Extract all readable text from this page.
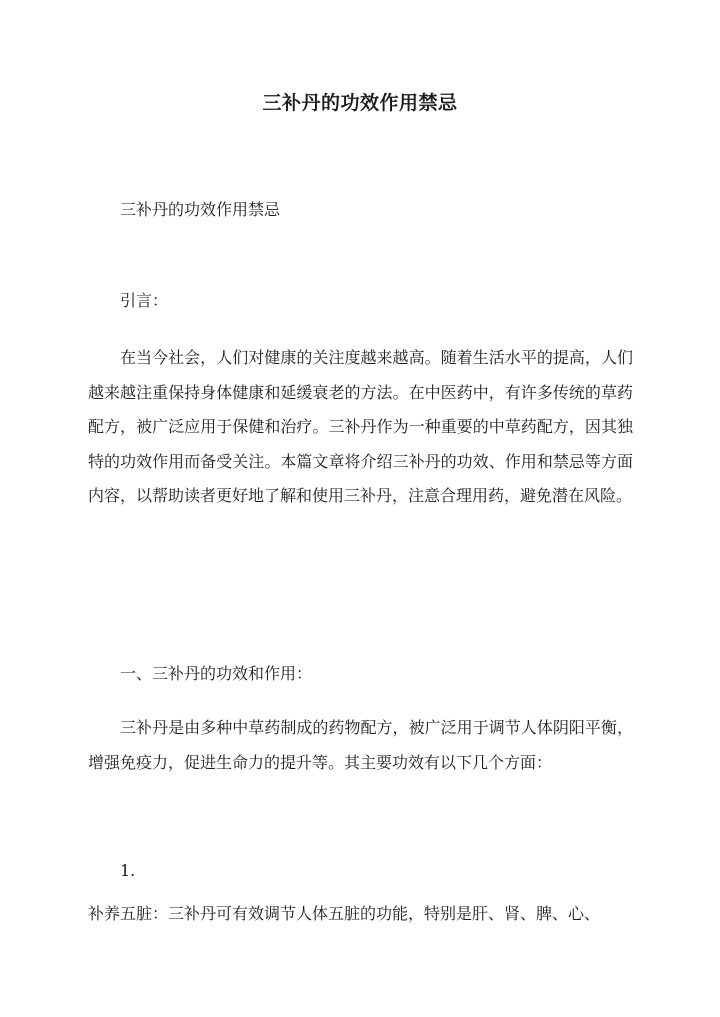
三补丹的功效作用禁忌
三补丹的功效作用禁忌
引言：
在当今社会，人们对健康的关注度越来越高。随着生活水平的提高，人们越来越注重保持身体健康和延缓衰老的方法。在中医药中，有许多传统的草药配方，被广泛应用于保健和治疗。三补丹作为一种重要的中草药配方，因其独特的功效作用而备受关注。本篇文章将介绍三补丹的功效、作用和禁忌等方面内容，以帮助读者更好地了解和使用三补丹，注意合理用药，避免潜在风险。
一、三补丹的功效和作用：
三补丹是由多种中草药制成的药物配方，被广泛用于调节人体阴阳平衡，增强免疫力，促进生命力的提升等。其主要功效有以下几个方面：
1.
补养五脏：三补丹可有效调节人体五脏的功能，特别是肝、肾、脾、心、
